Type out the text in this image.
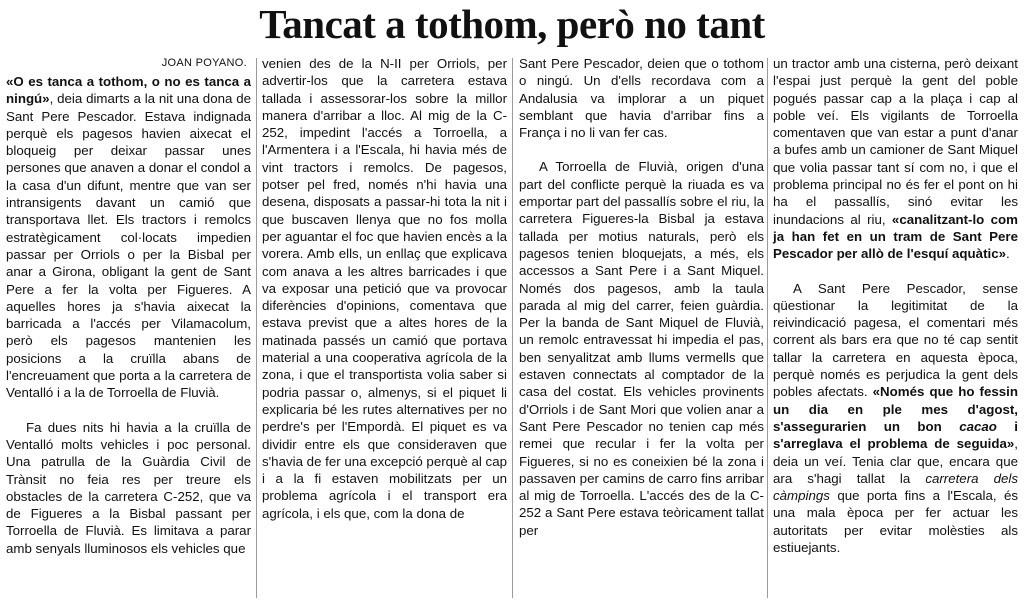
Tancat a tothom, però no tant
JOAN POYANO.

«O es tanca a tothom, o no es tanca a ningú», deia dimarts a la nit una dona de Sant Pere Pescador. Estava indignada perquè els pagesos havien aixecat el bloqueig per deixar passar unes persones que anaven a donar el condol a la casa d'un difunt, mentre que van ser intransigents davant un camió que transportava llet. Els tractors i remolcs estratègicament col·locats impedien passar per Orriols o per la Bisbal per anar a Girona, obligant la gent de Sant Pere a fer la volta per Figueres. A aquelles hores ja s'havia aixecat la barricada a l'accés per Vilamacolum, però els pagesos mantenien les posicions a la cruïlla abans de l'encreuament que porta a la carretera de Ventalló i a la de Torroella de Fluvià.

Fa dues nits hi havia a la cruïlla de Ventalló molts vehicles i poc personal. Una patrulla de la Guàrdia Civil de Trànsit no feia res per treure els obstacles de la carretera C-252, que va de Figueres a la Bisbal passant per Torroella de Fluvià. Es limitava a parar amb senyals lluminosos els vehicles que

venien des de la N-II per Orriols, per advertir-los que la carretera estava tallada i assessorar-los sobre la millor manera d'arribar a lloc. Al mig de la C-252, impedint l'accés a Torroella, a l'Armentera i a l'Escala, hi havia més de vint tractors i remolcs. De pagesos, potser pel fred, només n'hi havia una desena, disposats a passar-hi tota la nit i que buscaven llenya que no fos molla per aguantar el foc que havien encès a la vorera. Amb ells, un enllaç que explicava com anava a les altres barricades i que va exposar una petició que va provocar diferències d'opinions, comentava que estava previst que a altes hores de la matinada passés un camió que portava material a una cooperativa agrícola de la zona, i que el transportista volia saber si podria passar o, almenys, si el piquet li explicaria bé les rutes alternatives per no perdre's per l'Empordà. El piquet es va dividir entre els que consideraven que s'havia de fer una excepció perquè al cap i a la fi estaven mobilitzats per un problema agrícola i el transport era agrícola, i els que, com la dona de

Sant Pere Pescador, deien que o tothom o ningú. Un d'ells recordava com a Andalusia va implorar a un piquet semblant que havia d'arribar fins a França i no li van fer cas.

A Torroella de Fluvià, origen d'una part del conflicte perquè la riuada es va emportar part del passallís sobre el riu, la carretera Figueres-la Bisbal ja estava tallada per motius naturals, però els pagesos tenien bloquejats, a més, els accessos a Sant Pere i a Sant Miquel. Només dos pagesos, amb la taula parada al mig del carrer, feien guàrdia. Per la banda de Sant Miquel de Fluvià, un remolc entravessat hi impedia el pas, ben senyalitzat amb llums vermells que estaven connectats al comptador de la casa del costat. Els vehicles provinents d'Orriols i de Sant Mori que volien anar a Sant Pere Pescador no tenien cap més remei que recular i fer la volta per Figueres, si no es coneixien bé la zona i passaven per camins de carro fins arribar al mig de Torroella. L'accés des de la C-252 a Sant Pere estava teòricament tallat per

un tractor amb una cisterna, però deixant l'espai just perquè la gent del poble pogués passar cap a la plaça i cap al poble veí. Els vigilants de Torroella comentaven que van estar a punt d'anar a bufes amb un camioner de Sant Miquel que volia passar tant sí com no, i que el problema principal no és fer el pont on hi ha el passallís, sinó evitar les inundacions al riu, «canalitzant-lo com ja han fet en un tram de Sant Pere Pescador per allò de l'esquí aquàtic».

A Sant Pere Pescador, sense qüestionar la legitimitat de la reivindicació pagesa, el comentari més corrent als bars era que no té cap sentit tallar la carretera en aquesta època, perquè només es perjudica la gent dels pobles afectats. «Només que ho fessin un dia en ple mes d'agost, s'assegurarien un bon cacao i s'arreglava el problema de seguida», deia un veí. Tenia clar que, encara que ara s'hagi tallat la carretera dels càmpings que porta fins a l'Escala, és una mala època per fer actuar les autoritats per evitar molèsties als estiuejants.
